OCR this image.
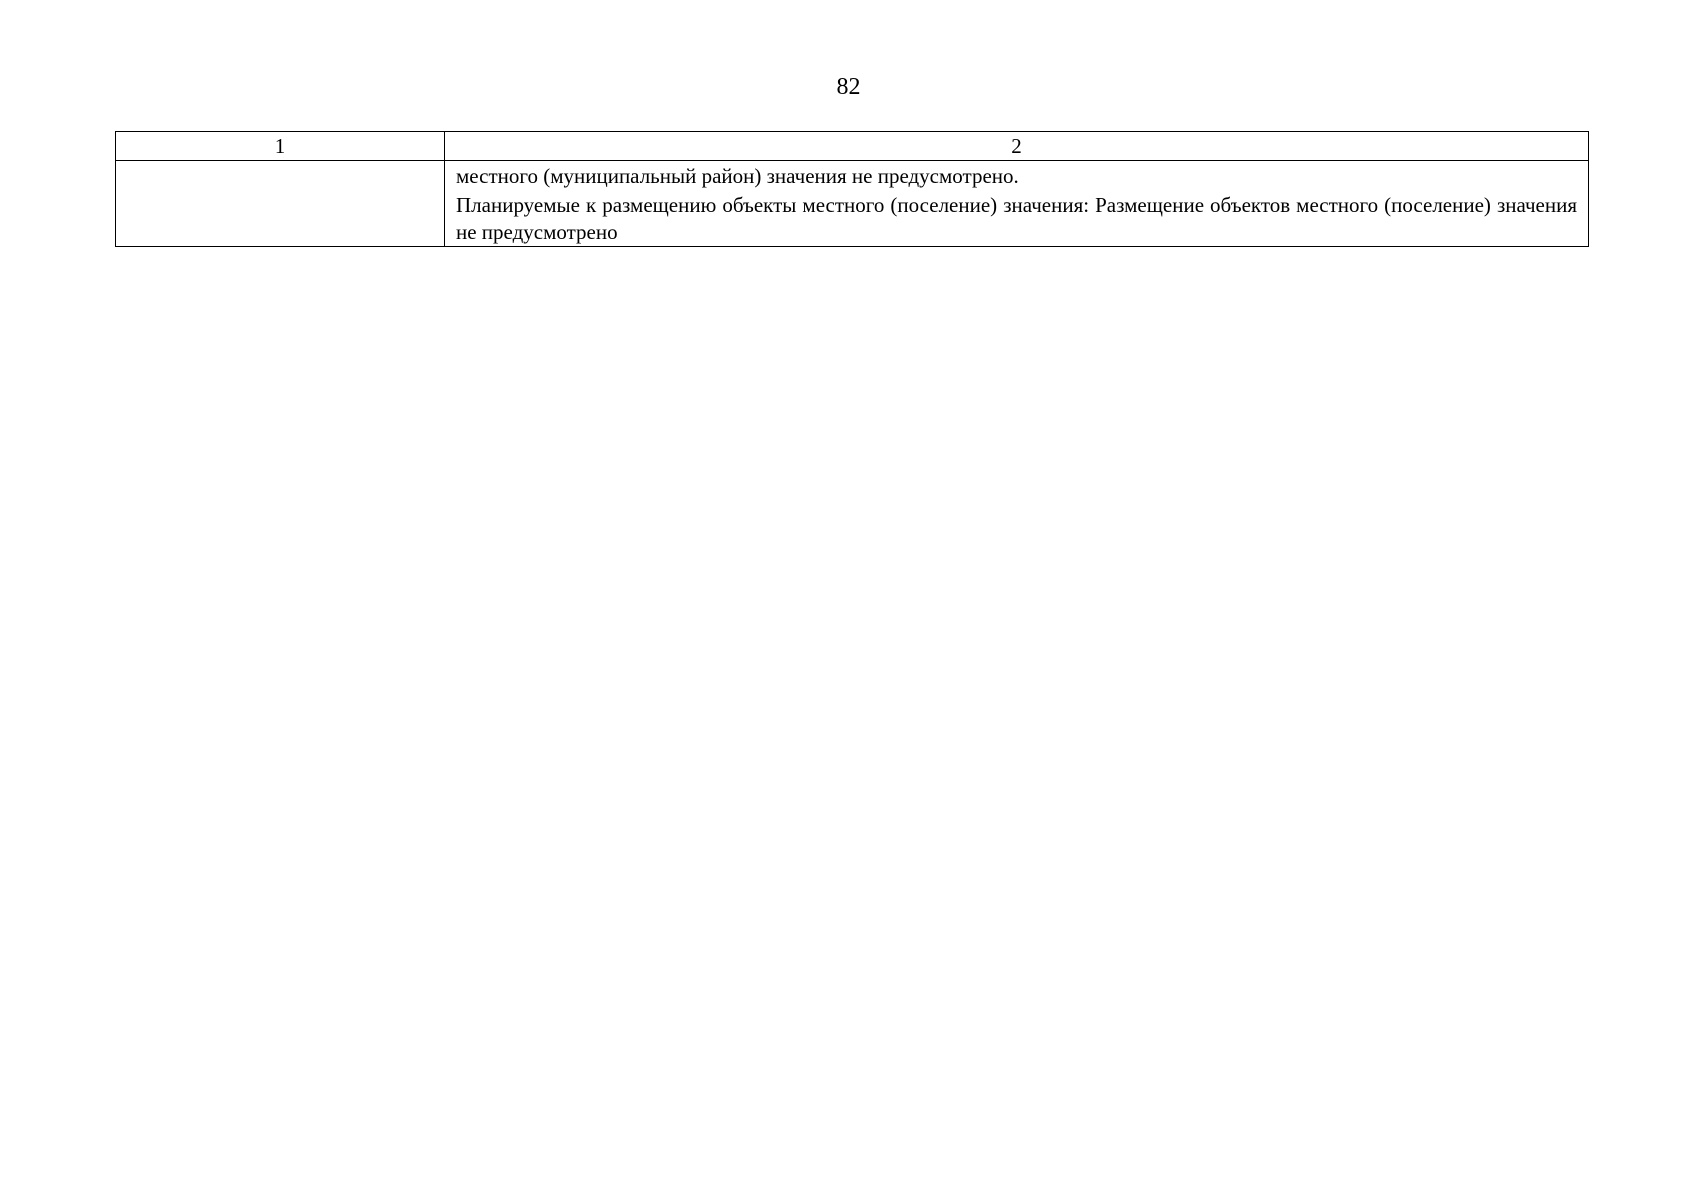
82
1	2

	местного (муниципальный район) значения не предусмотрено.

Планируемые к размещению объекты местного (поселение) значения: Размещение объектов местного (поселение) значения не предусмотрено
